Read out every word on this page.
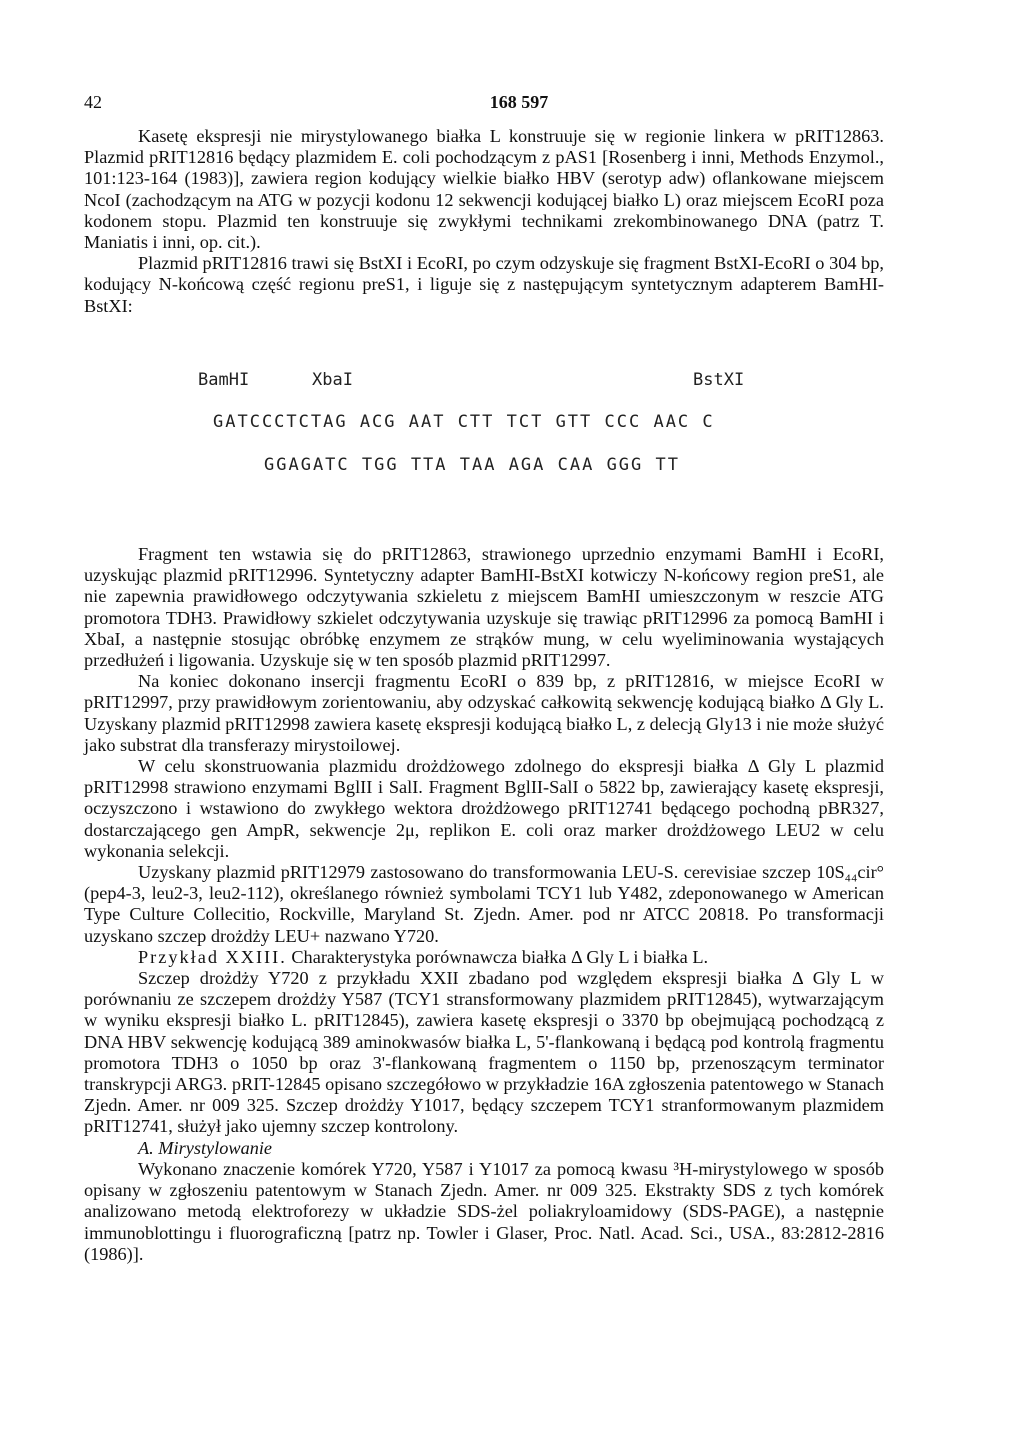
42	168 597

Kasetę ekspresji nie mirystylowanego białka L konstruuje się w regionie linkera w pRIT12863. Plazmid pRIT12816 będący plazmidem E. coli pochodzącym z pAS1 [Rosenberg i inni, Methods Enzymol., 101:123-164 (1983)], zawiera region kodujący wielkie białko HBV (serotyp adw) oflankowane miejscem NcoI (zachodzącym na ATG w pozycji kodonu 12 sekwencji kodującej białko L) oraz miejscem EcoRI poza kodonem stopu. Plazmid ten konstruuje się zwykłymi technikami zrekombinowanego DNA (patrz T. Maniatis i inni, op. cit.).

Plazmid pRIT12816 trawi się BstXI i EcoRI, po czym odzyskuje się fragment BstXI-EcoRI o 304 bp, kodujący N-końcową część regionu preS1, i liguje się z następującym syntetycznym adapterem BamHI-BstXI:

BamHI	XbaI	BstXI
GATCCCTCTAG ACG AAT CTT TCT GTT CCC AAC C
GGAGATC TGG TTA TAA AGA CAA GGG TT

Fragment ten wstawia się do pRIT12863, strawionego uprzednio enzymami BamHI i EcoRI, uzyskując plazmid pRIT12996. Syntetyczny adapter BamHI-BstXI kotwiczy N-końcowy region preS1, ale nie zapewnia prawidłowego odczytywania szkieletu z miejscem BamHI umieszczonym w reszcie ATG promotora TDH3. Prawidłowy szkielet odczytywania uzyskuje się trawiąc pRIT12996 za pomocą BamHI i XbaI, a następnie stosując obróbkę enzymem ze strąków mung, w celu wyeliminowania wystających przedłużeń i ligowania. Uzyskuje się w ten sposób plazmid pRIT12997.

Na koniec dokonano insercji fragmentu EcoRI o 839 bp, z pRIT12816, w miejsce EcoRI w pRIT12997, przy prawidłowym zorientowaniu, aby odzyskać całkowitą sekwencję kodującą białko Δ Gly L. Uzyskany plazmid pRIT12998 zawiera kasetę ekspresji kodującą białko L, z delecją Gly13 i nie może służyć jako substrat dla transferazy mirystoilowej.

W celu skonstruowania plazmidu drożdżowego zdolnego do ekspresji białka Δ Gly L plazmid pRIT12998 strawiono enzymami BglII i SalI. Fragment BglII-SalI o 5822 bp, zawierający kasetę ekspresji, oczyszczono i wstawiono do zwykłego wektora drożdżowego pRIT12741 będącego pochodną pBR327, dostarczającego gen AmpR, sekwencje 2μ, replikon E. coli oraz marker drożdżowego LEU2 w celu wykonania selekcji.

Uzyskany plazmid pRIT12979 zastosowano do transformowania LEU-S. cerevisiae szczep 10S₄₄cir° (pep4-3, leu2-3, leu2-112), określanego również symbolami TCY1 lub Y482, zdeponowanego w American Type Culture Collecitio, Rockville, Maryland St. Zjedn. Amer. pod nr ATCC 20818. Po transformacji uzyskano szczep drożdży LEU+ nazwano Y720.

Przykład XXIII. Charakterystyka porównawcza białka Δ Gly L i białka L.

Szczep drożdży Y720 z przykładu XXII zbadano pod względem ekspresji białka Δ Gly L w porównaniu ze szczepem drożdży Y587 (TCY1 stransformowany plazmidem pRIT12845), wytwarzającym w wyniku ekspresji białko L. pRIT12845), zawiera kasetę ekspresji o 3370 bp obejmującą pochodzącą z DNA HBV sekwencję kodującą 389 aminokwasów białka L, 5'-flankowaną i będącą pod kontrolą fragmentu promotora TDH3 o 1050 bp oraz 3'-flankowaną fragmentem o 1150 bp, przenoszącym terminator transkrypcji ARG3. pRIT-12845 opisano szczegółowo w przykładzie 16A zgłoszenia patentowego w Stanach Zjedn. Amer. nr 009 325. Szczep drożdży Y1017, będący szczepem TCY1 stranformowanym plazmidem pRIT12741, służył jako ujemny szczep kontrolony.

A. Mirystylowanie

Wykonano znaczenie komórek Y720, Y587 i Y1017 za pomocą kwasu ³H-mirystylowego w sposób opisany w zgłoszeniu patentowym w Stanach Zjedn. Amer. nr 009 325. Ekstrakty SDS z tych komórek analizowano metodą elektroforezy w układzie SDS-żel poliakryloamidowy (SDS-PAGE), a następnie immunoblottingu i fluorograficzną [patrz np. Towler i Glaser, Proc. Natl. Acad. Sci., USA., 83:2812-2816 (1986)].
